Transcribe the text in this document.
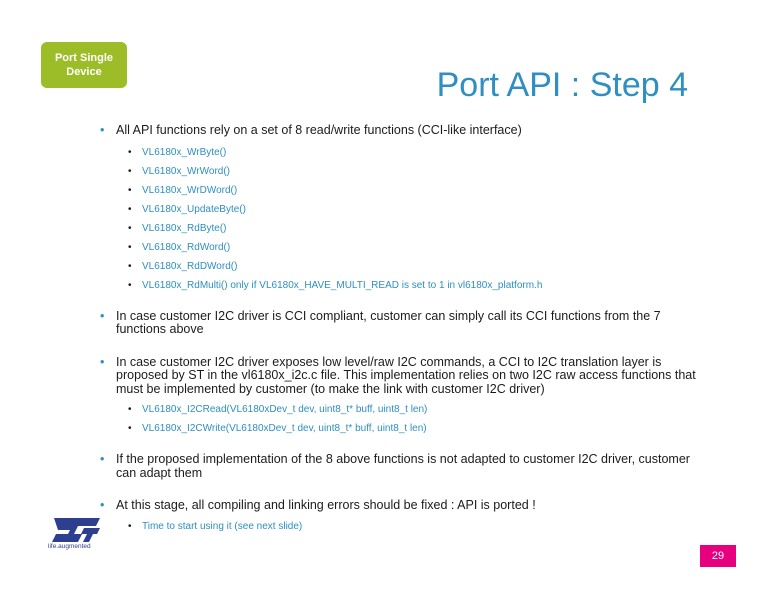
Port Single
Device	Port API : Step 4
• All API functions rely on a set of 8 read/write functions (CCI-like interface)
• VL6180x_WrByte()
• VL6180x_WrWord()
• VL6180x_WrDWord()
• VL6180x_UpdateByte()
• VL6180x_RdByte()
• VL6180x_RdWord()
• VL6180x_RdDWord()
• VL6180x_RdMulti() only if VL6180x_HAVE_MULTI_READ is set to 1 in vl6180x_platform.h
• In case customer I2C driver is CCI compliant, customer can simply call its CCI functions from the 7 functions above
• In case customer I2C driver exposes low level/raw I2C commands, a CCI to I2C translation layer is proposed by ST in the vl6180x_i2c.c file. This implementation relies on two I2C raw access functions that must be implemented by customer (to make the link with customer I2C driver)
• VL6180x_I2CRead(VL6180xDev_t dev, uint8_t* buff, uint8_t len)
• VL6180x_I2CWrite(VL6180xDev_t dev, uint8_t* buff, uint8_t len)
• If the proposed implementation of the 8 above functions is not adapted to customer I2C driver, customer can adapt them
• At this stage, all compiling and linking errors should be fixed : API is ported !
• Time to start using it (see next slide)
life.augmented
29
